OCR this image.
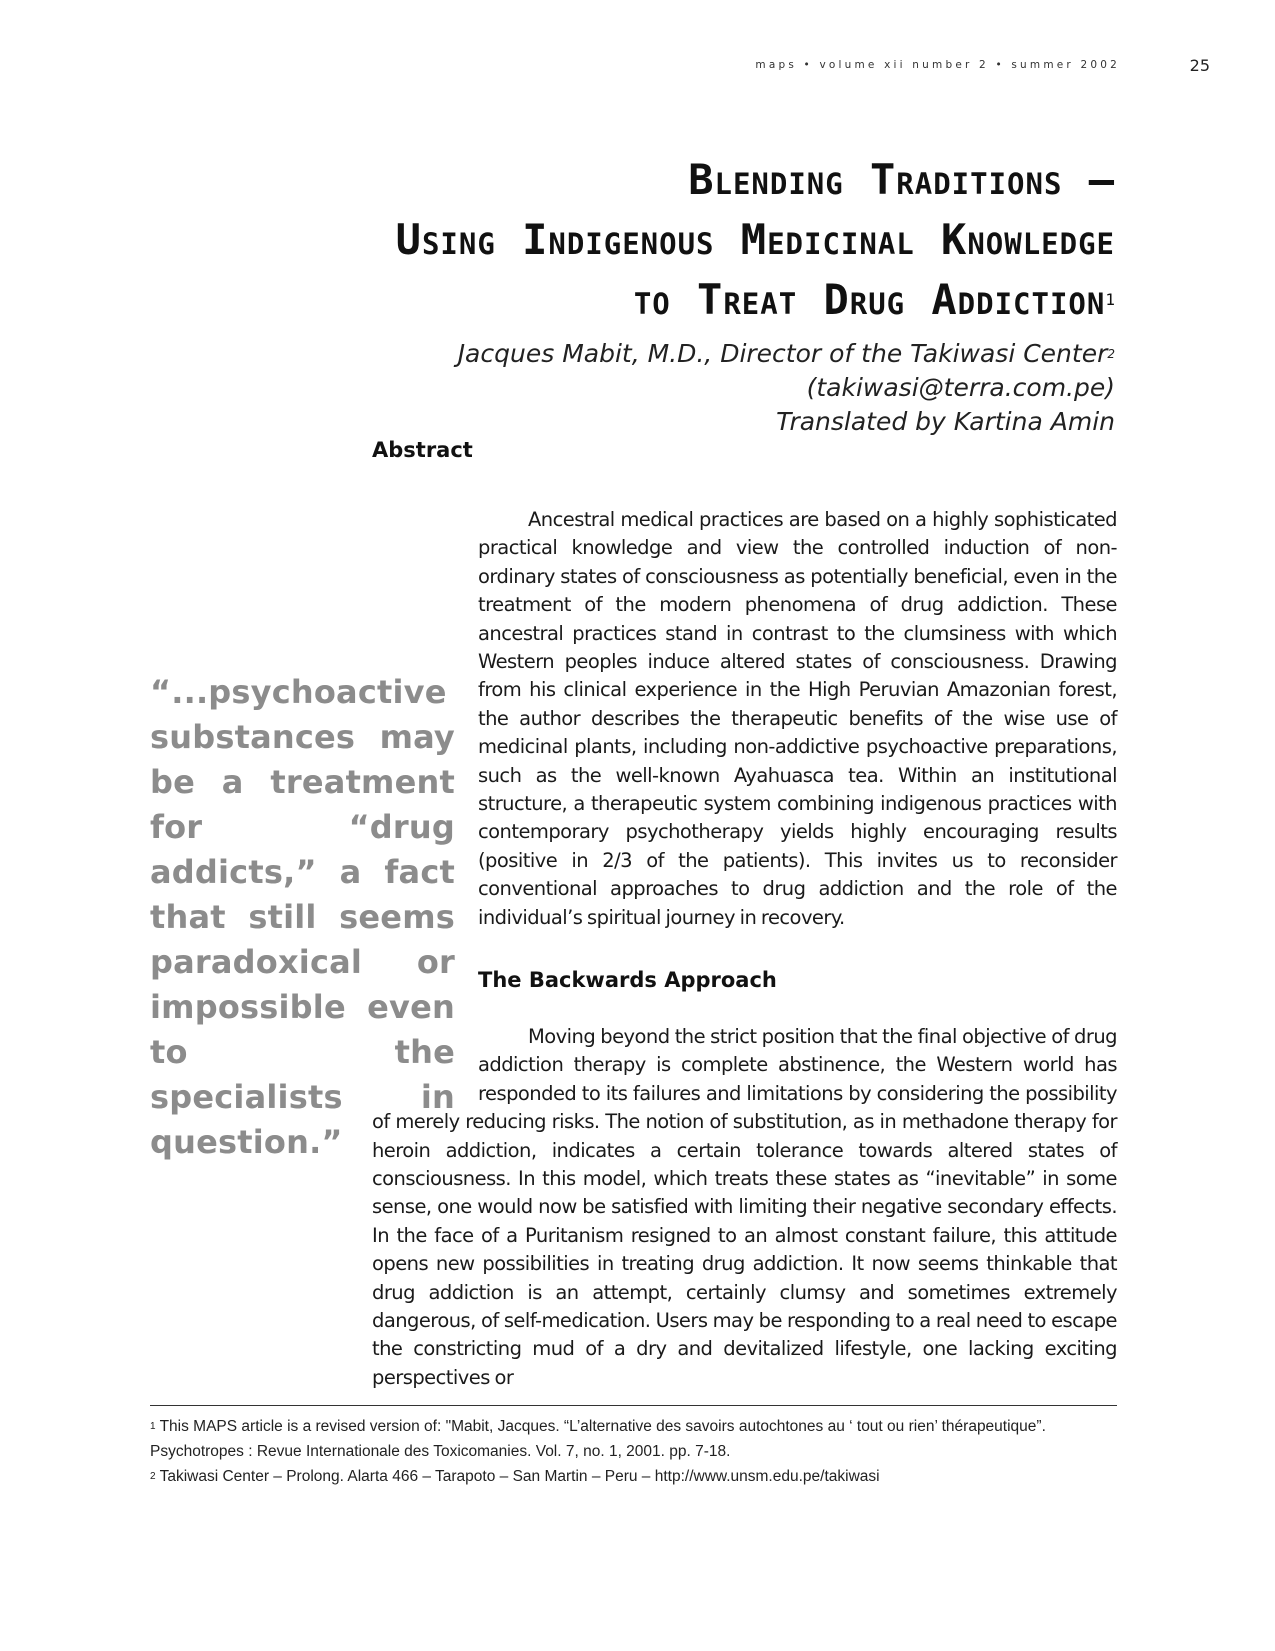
maps • volume xii number 2 • summer 2002	25
Blending Traditions –
Using Indigenous Medicinal Knowledge
to Treat Drug Addiction$^1$
Jacques Mabit, M.D., Director of the Takiwasi Center$^2$ (takiwasi@terra.com.pe)
Translated by Kartina Amin
Abstract

Ancestral medical practices are based on a highly sophisticated practical knowledge and view the controlled induction of non-ordinary states of consciousness as potentially beneficial, even in the treatment of the modern phenomena of drug addiction. These ancestral practices stand in contrast to the clumsiness with which Western peoples induce altered states of consciousness. Drawing from his clinical experience in the High Peruvian Amazonian forest, the author describes the therapeutic benefits of the wise use of medicinal plants, including non-addictive psychoactive preparations, such as the well-known Ayahuasca tea. Within an institutional structure, a therapeutic system combining indigenous practices with contemporary psychotherapy yields highly encouraging results (positive in 2/3 of the patients). This invites us to reconsider conventional approaches to drug addiction and the role of the individual’s spiritual journey in recovery.

“...psychoactive substances may be a treatment for “drug addicts,” a fact that still seems paradoxical or impossible even to the specialists in question.”
The Backwards Approach

Moving beyond the strict position that the final objective of drug addiction therapy is complete abstinence, the Western world has responded to its failures and limitations by considering the possibility of merely reducing risks. The notion of substitution, as in methadone therapy for heroin addiction, indicates a certain tolerance towards altered states of consciousness. In this model, which treats these states as “inevitable” in some sense, one would now be satisfied with limiting their negative secondary effects. In the face of a Puritanism resigned to an almost constant failure, this attitude opens new possibilities in treating drug addiction. It now seems thinkable that drug addiction is an attempt, certainly clumsy and sometimes extremely dangerous, of self-medication. Users may be responding to a real need to escape the constricting mud of a dry and devitalized lifestyle, one lacking exciting perspectives or

$^1$ This MAPS article is a revised version of: "Mabit, Jacques. “L’alternative des savoirs autochtones au ‘ tout ou rien’ thérapeutique”. Psychotropes : Revue Internationale des Toxicomanies. Vol. 7, no. 1, 2001. pp. 7-18.

$^2$ Takiwasi Center – Prolong. Alarta 466 – Tarapoto – San Martin – Peru – http://www.unsm.edu.pe/takiwasi
